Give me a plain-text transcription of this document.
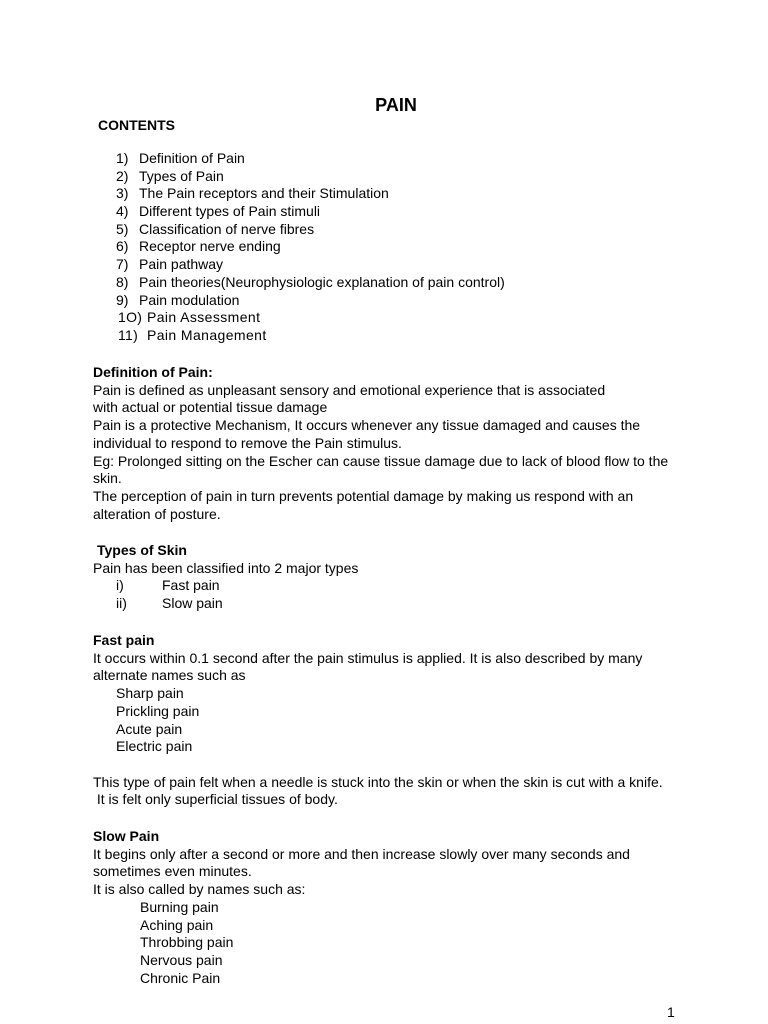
PAIN
CONTENTS
1) Definition of Pain
2) Types of Pain
3) The Pain receptors and their Stimulation
4) Different types of Pain stimuli
5) Classification of nerve fibres
6) Receptor nerve ending
7) Pain pathway
8) Pain theories(Neurophysiologic explanation of pain control)
9) Pain modulation
1O) Pain Assessment
11) Pain Management
Definition of Pain:
Pain is defined as unpleasant sensory and emotional experience that is associated
with actual or potential tissue damage
Pain is a protective Mechanism, It occurs whenever any tissue damaged and causes the
individual to respond to remove the Pain stimulus.
Eg: Prolonged sitting on the Escher can cause tissue damage due to lack of blood flow to the
skin.
The perception of pain in turn prevents potential damage by making us respond with an
alteration of posture.
Types of Skin
Pain has been classified into 2 major types
i)	Fast pain
ii)	Slow pain
Fast pain
It occurs within 0.1 second after the pain stimulus is applied. It is also described by many
alternate names such as
Sharp pain
Prickling pain
Acute pain
Electric pain
This type of pain felt when a needle is stuck into the skin or when the skin is cut with a knife.
It is felt only superficial tissues of body.
Slow Pain
It begins only after a second or more and then increase slowly over many seconds and
sometimes even minutes.
It is also called by names such as:
Burning pain
Aching pain
Throbbing pain
Nervous pain
Chronic Pain
1
